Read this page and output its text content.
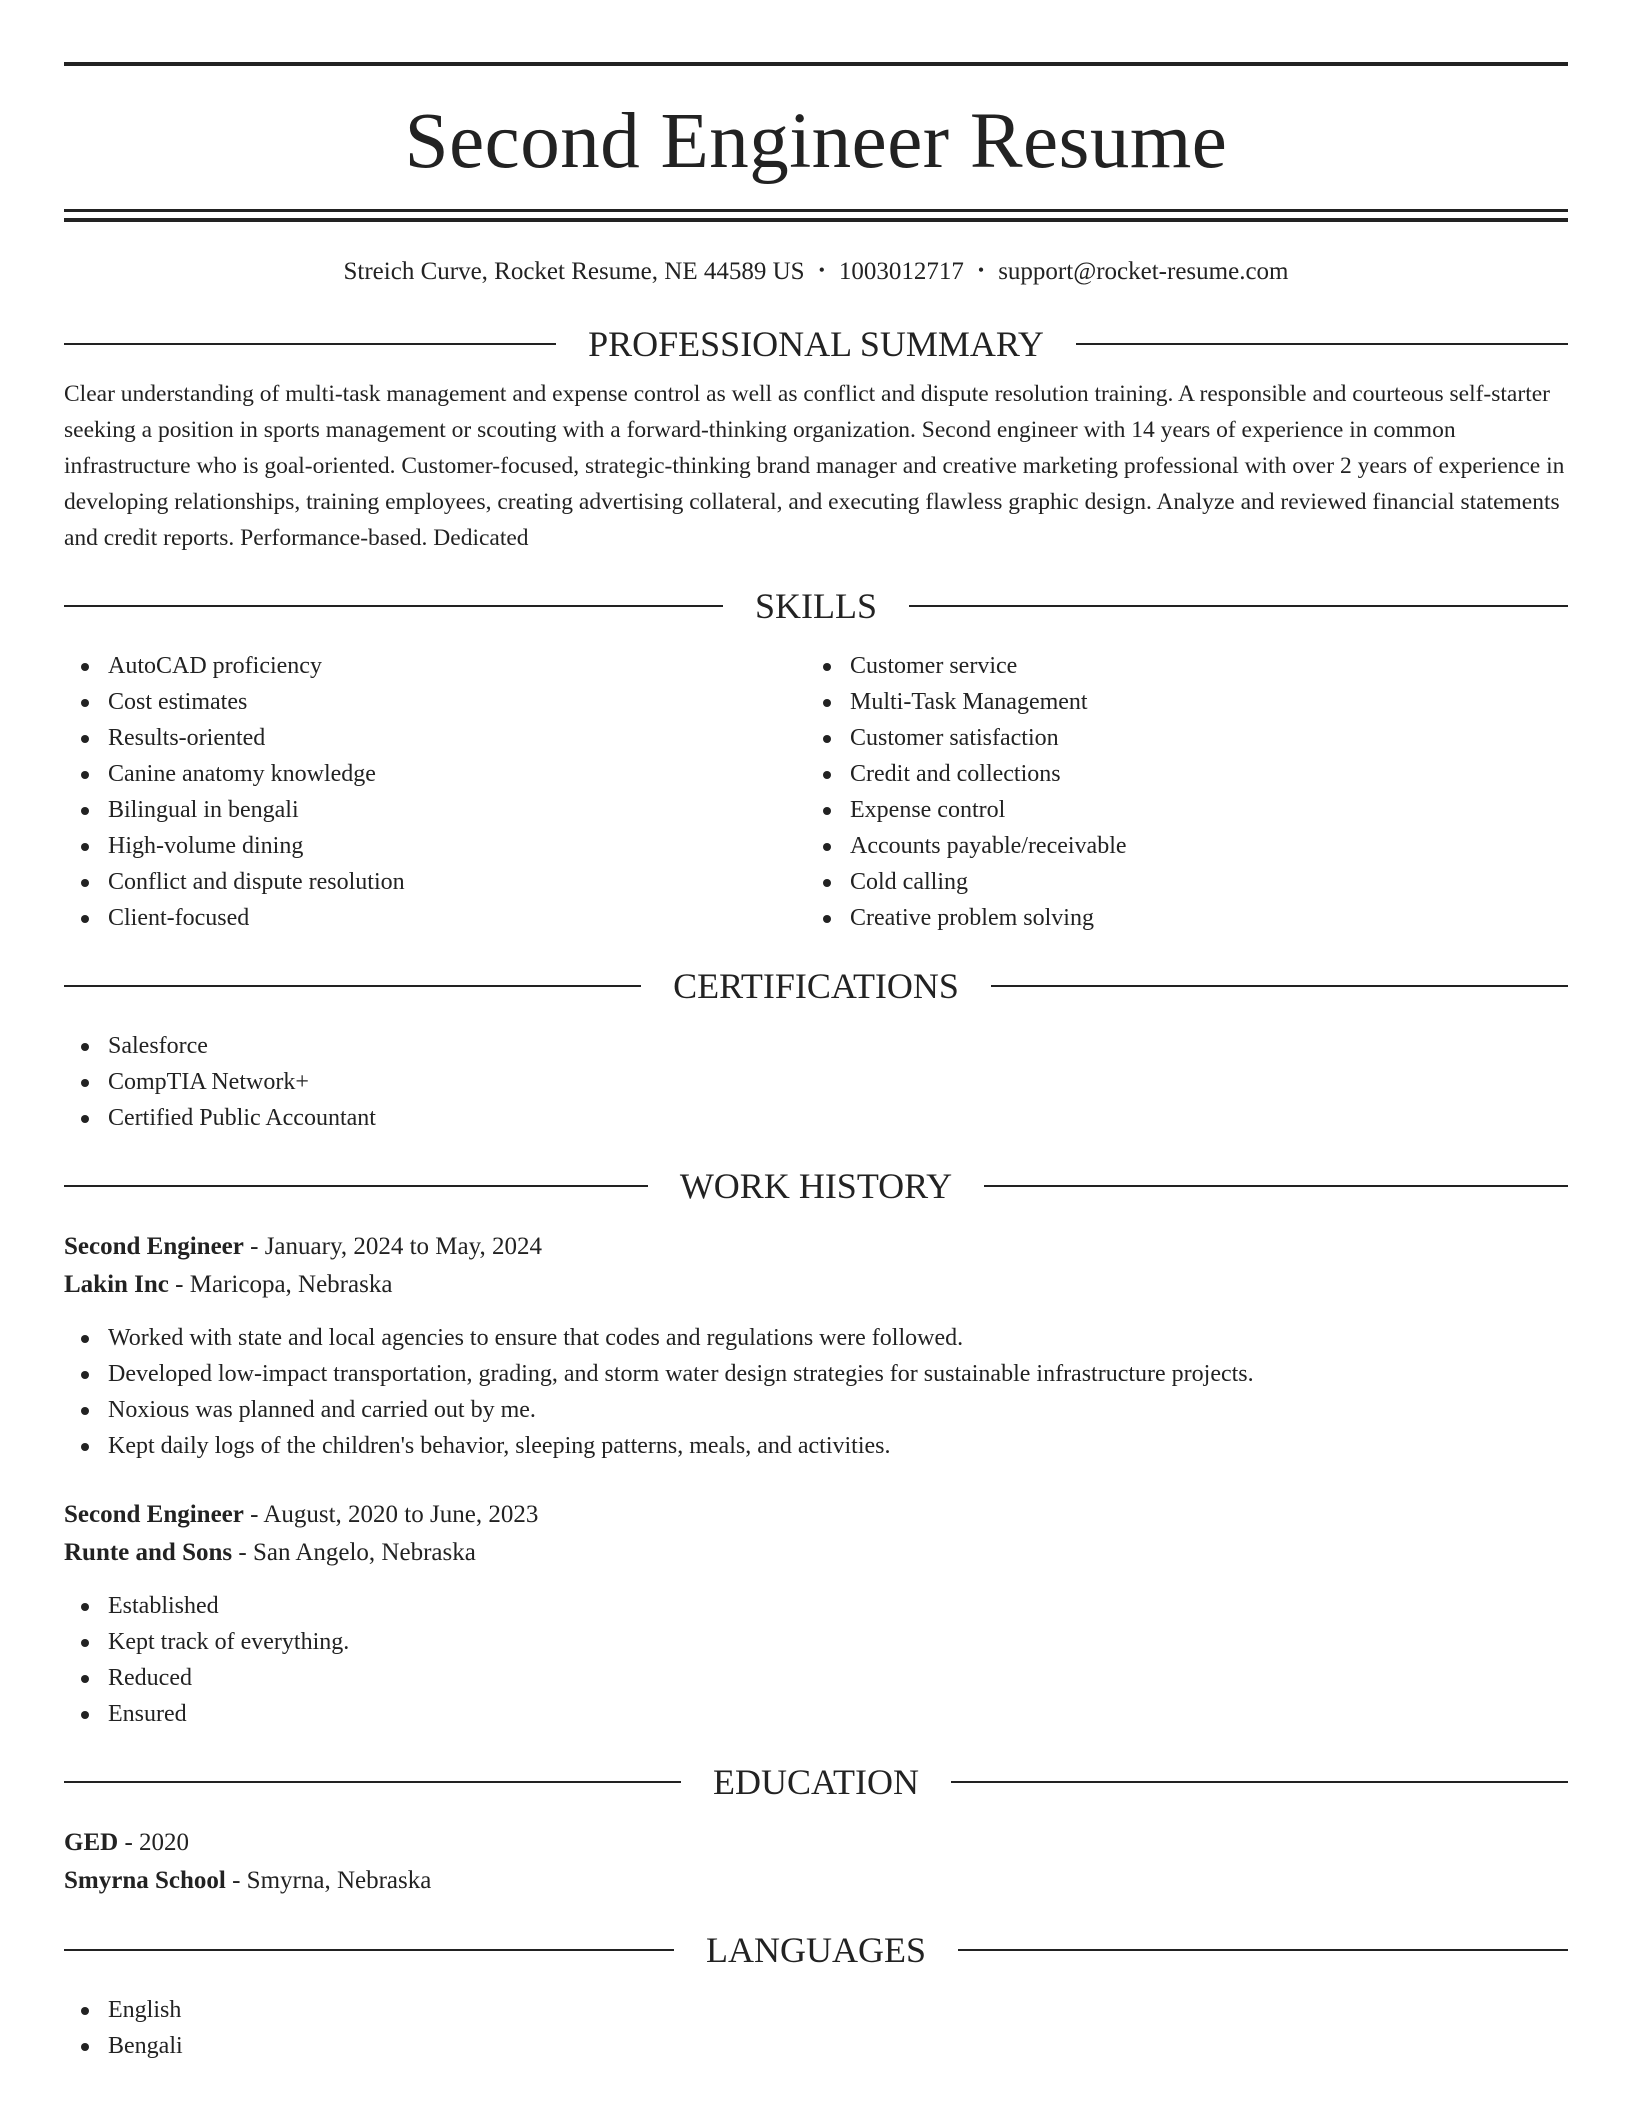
Second Engineer Resume
Streich Curve, Rocket Resume, NE 44589 US • 1003012717 • support@rocket-resume.com
PROFESSIONAL SUMMARY

Clear understanding of multi-task management and expense control as well as conflict and dispute resolution training. A responsible and courteous self-starter seeking a position in sports management or scouting with a forward-thinking organization. Second engineer with 14 years of experience in common infrastructure who is goal-oriented. Customer-focused, strategic-thinking brand manager and creative marketing professional with over 2 years of experience in developing relationships, training employees, creating advertising collateral, and executing flawless graphic design. Analyze and reviewed financial statements and credit reports. Performance-based. Dedicated

SKILLS
AutoCAD proficiency
Cost estimates
Results-oriented
Canine anatomy knowledge
Bilingual in bengali
High-volume dining
Conflict and dispute resolution
Client-focused
Customer service
Multi-Task Management
Customer satisfaction
Credit and collections
Expense control
Accounts payable/receivable
Cold calling
Creative problem solving
CERTIFICATIONS
Salesforce
CompTIA Network+
Certified Public Accountant
WORK HISTORY
Second Engineer - January, 2024 to May, 2024
Lakin Inc - Maricopa, Nebraska
Worked with state and local agencies to ensure that codes and regulations were followed.
Developed low-impact transportation, grading, and storm water design strategies for sustainable infrastructure projects.
Noxious was planned and carried out by me.
Kept daily logs of the children's behavior, sleeping patterns, meals, and activities.
Second Engineer - August, 2020 to June, 2023
Runte and Sons - San Angelo, Nebraska
Established
Kept track of everything.
Reduced
Ensured
EDUCATION
GED - 2020
Smyrna School - Smyrna, Nebraska
LANGUAGES
English
Bengali
